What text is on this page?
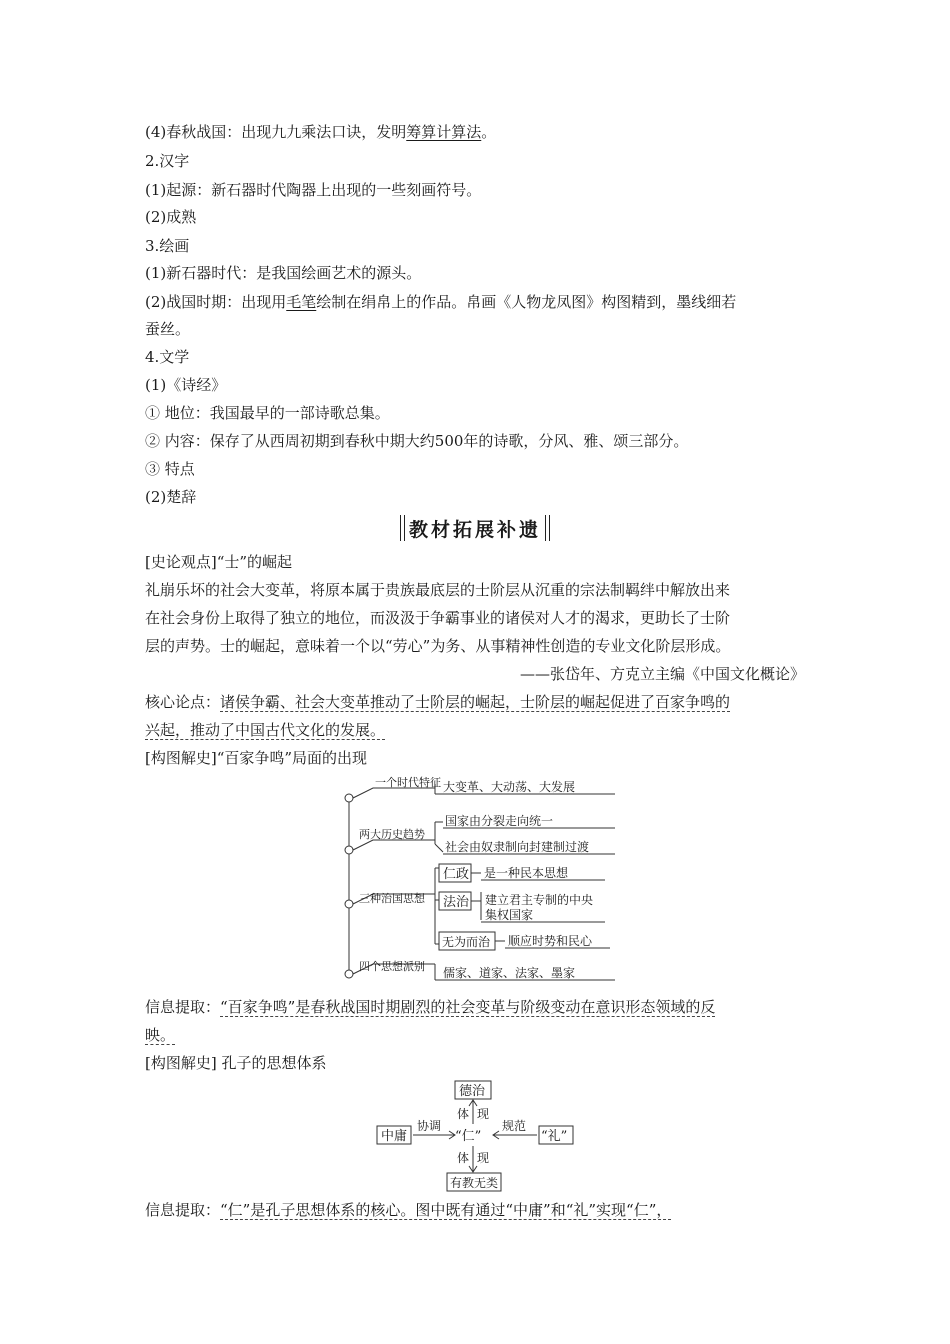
(4)春秋战国：出现九九乘法口诀，发明筹算计算法。
2.汉字
(1)起源：新石器时代陶器上出现的一些刻画符号。
(2)成熟
3.绘画
(1)新石器时代：是我国绘画艺术的源头。
(2)战国时期：出现用毛笔绘制在绢帛上的作品。帛画《人物龙凤图》构图精到，墨线细若
蚕丝。
4.文学
(1)《诗经》
① 地位：我国最早的一部诗歌总集。
② 内容：保存了从西周初期到春秋中期大约500年的诗歌，分风、雅、颂三部分。
③ 特点
(2)楚辞
教材拓展补遗
[史论观点]“士”的崛起
礼崩乐坏的社会大变革，将原本属于贵族最底层的士阶层从沉重的宗法制羁绊中解放出来
在社会身份上取得了独立的地位，而汲汲于争霸事业的诸侯对人才的渴求，更助长了士阶
层的声势。士的崛起，意味着一个以“劳心”为务、从事精神性创造的专业文化阶层形成。
——张岱年、方克立主编《中国文化概论》
核心论点：诸侯争霸、社会大变革推动了士阶层的崛起，士阶层的崛起促进了百家争鸣的
兴起，推动了中国古代文化的发展。
[构图解史]“百家争鸣”局面的出现
一个时代特征 大变革、大动荡、大发展
两大历史趋势
国家由分裂走向统一
社会由奴隶制向封建制过渡
三种治国思想
仁政 是一种民本思想
法治 建立君主专制的中央
集权国家
无为而治 顺应时势和民心
四个思想派别 儒家、道家、法家、墨家
信息提取：“百家争鸣”是春秋战国时期剧烈的社会变革与阶级变动在意识形态领域的反
映。
[构图解史] 孔子的思想体系
德治
“仁”
中庸	“礼”
有教无类
体 现
体 现
协调	规范
信息提取：“仁”是孔子思想体系的核心。图中既有通过“中庸”和“礼”实现“仁”，
